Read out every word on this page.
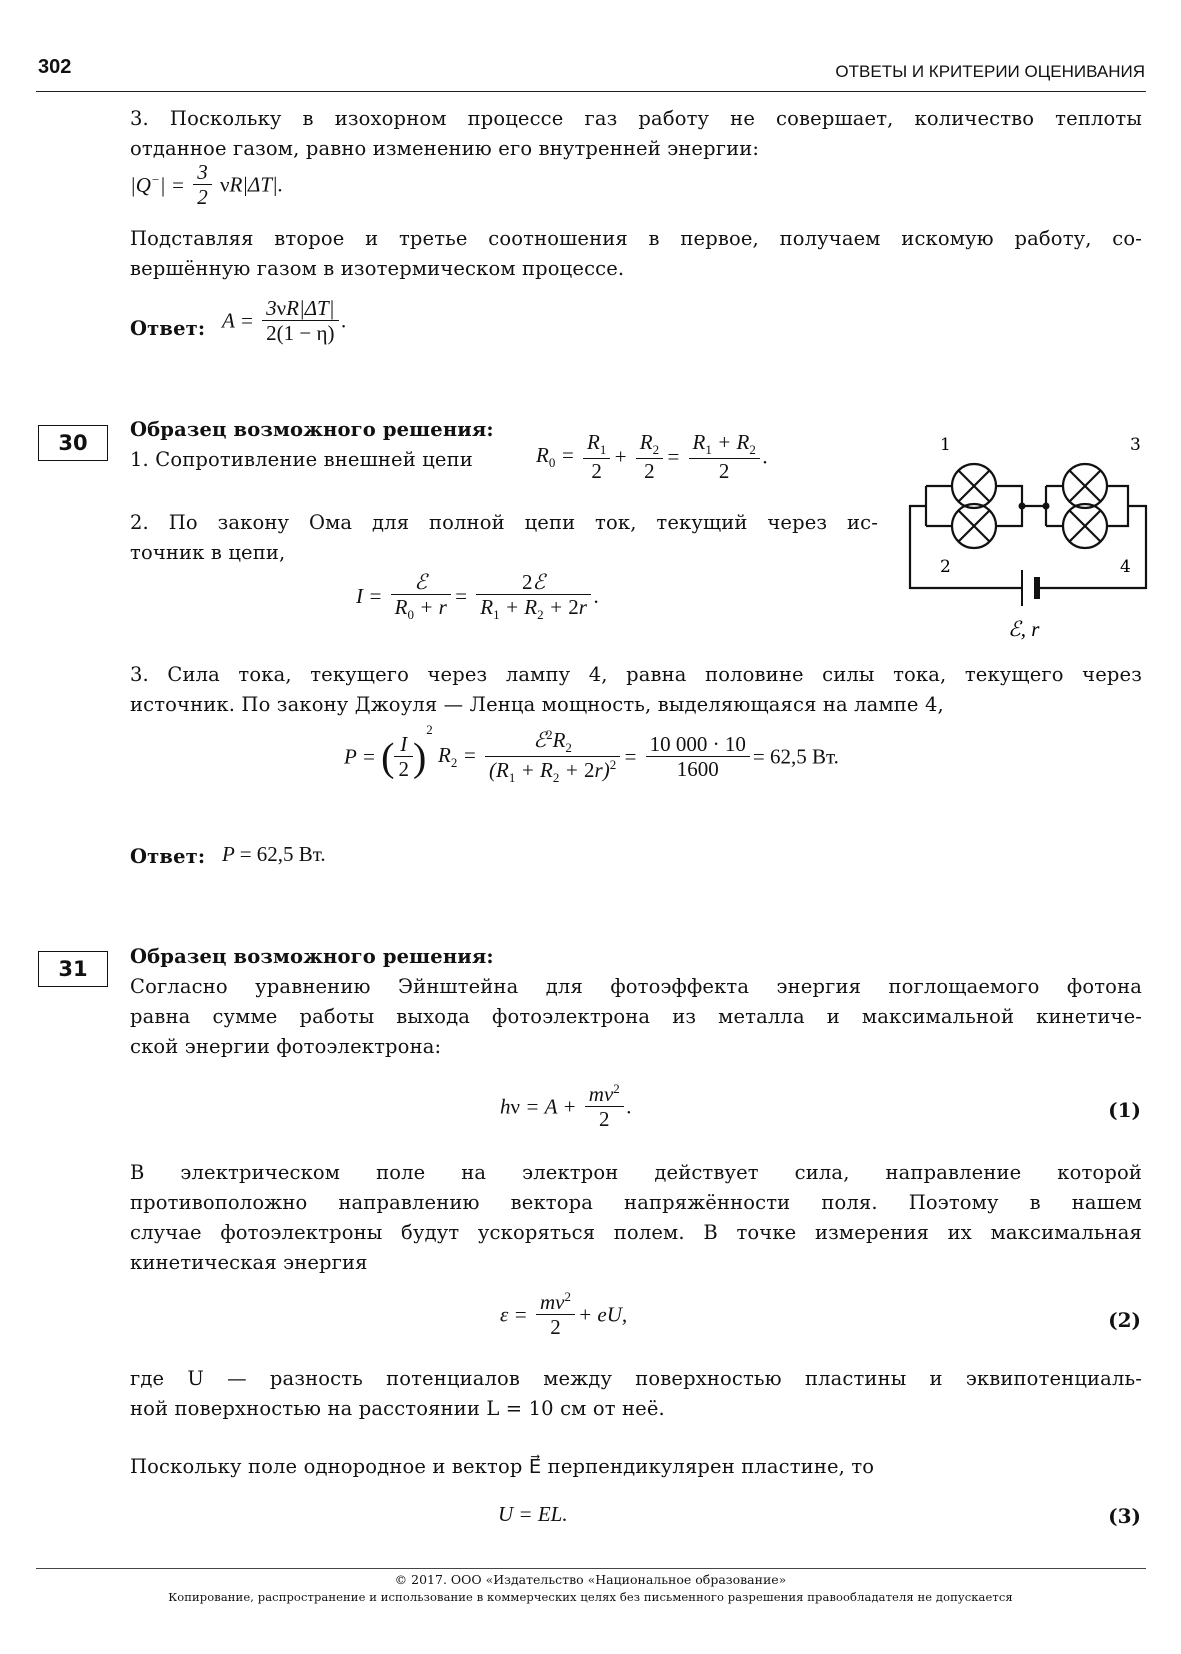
302	ОТВЕТЫ И КРИТЕРИИ ОЦЕНИВАНИЯ
3. Поскольку в изохорном процессе газ работу не совершает, количество теплоты
отданное газом, равно изменению его внутренней энергии:
$|Q^-| = \frac{3}{2} \nu R|\Delta T|$.
Подставляя второе и третье соотношения в первое, получаем искомую работу, со-
вершённую газом в изотермическом процессе.
Ответ: $A = \frac{3\nu R|\Delta T|}{2(1 - \eta)}$ .
30
Образец возможного решения:
1. Сопротивление внешней цепи	$R_0 = \frac{R_1}{2} + \frac{R_2}{2} = \frac{R_1 + R_2}{2}$ .
2. По закону Ома для полной цепи ток, текущий через ис-
точник в цепи,
$I = \frac{\text{ℰ}}{R_0 + r} = \frac{\text{2ℰ}}{R_1 + R_2 + 2r}$ .
1
2
3
4
ℰ, r
3. Сила тока, текущего через лампу 4, равна половине силы тока, текущего через
источник. По закону Джоуля — Ленца мощность, выделяющаяся на лампе 4,
P = ( $\frac{I}{2} )^2$ $R_2 = \frac{ℰ^2R_2}{(R_1 + R_2 + 2r)^2} = \frac{10 000 \cdot 10}{1600} = 62,5$ Вт.
Ответ: P = 62,5 Вт.
31
Образец возможного решения:
Согласно уравнению Эйнштейна для фотоэффекта энергия поглощаемого фотона
равна сумме работы выхода фотоэлектрона из металла и максимальной кинетиче-
ской энергии фотоэлектрона:
$h\nu = A + \frac{mv^2}{2}$ .	(1)
В электрическом поле на электрон действует сила, направление которой
противоположно направлению вектора напряжённости поля. Поэтому в нашем
случае фотоэлектроны будут ускоряться полем. В точке измерения их максимальная
кинетическая энергия
$\varepsilon = \frac{mv^2}{2}$ + eU,	(2)
где U — разность потенциалов между поверхностью пластины и эквипотенциаль-
ной поверхностью на расстоянии L = 10 см от неё.
Поскольку поле однородное и вектор E⃗ перпендикулярен пластине, то
U = EL.	(3)
© 2017. ООО «Издательство «Национальное образование»
Копирование, распространение и использование в коммерческих целях без письменного разрешения правообладателя не допускается
